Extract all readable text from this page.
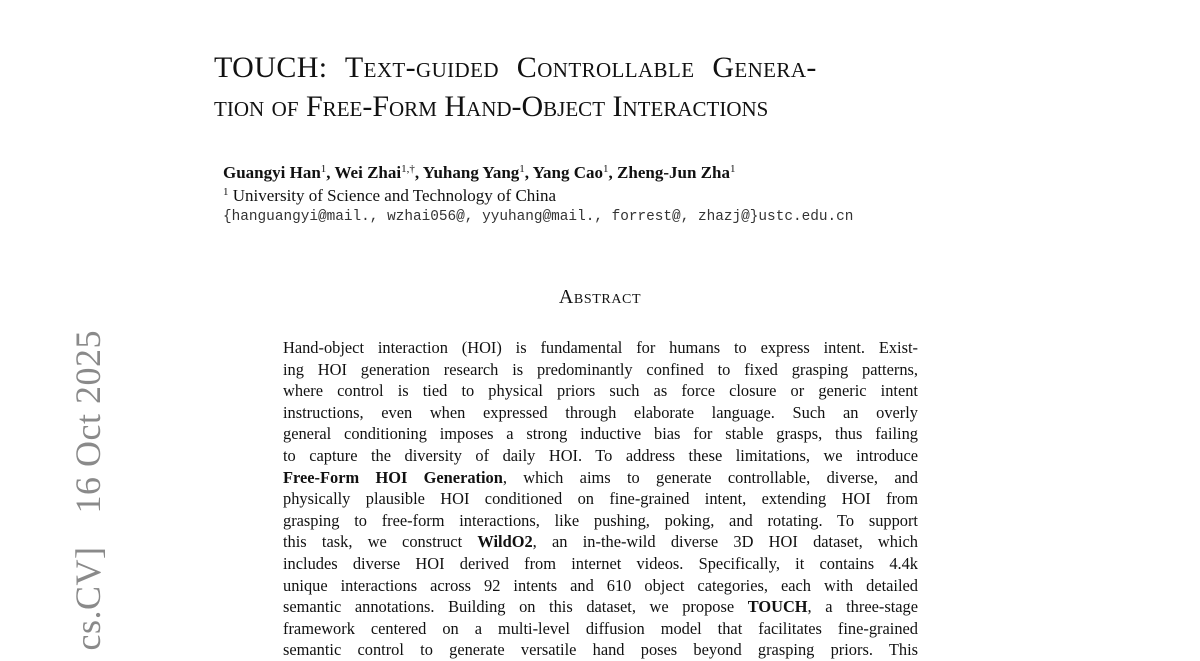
cs.CV]  16 Oct 2025
TOUCH: Text-guided Controllable Genera-
tion of Free-Form Hand-Object Interactions
Guangyi Han$^1$, Wei Zhai$^{1,\dagger}$, Yuhang Yang$^1$, Yang Cao$^1$, Zheng-Jun Zha$^1$
$^1$ University of Science and Technology of China
{hanguangyi@mail., wzhai056@, yyuhang@mail., forrest@, zhazj@}ustc.edu.cn
Abstract
Hand-object interaction (HOI) is fundamental for humans to express intent. Exist-
ing HOI generation research is predominantly confined to fixed grasping patterns,
where control is tied to physical priors such as force closure or generic intent
instructions, even when expressed through elaborate language. Such an overly
general conditioning imposes a strong inductive bias for stable grasps, thus failing
to capture the diversity of daily HOI. To address these limitations, we introduce
Free-Form HOI Generation, which aims to generate controllable, diverse, and
physically plausible HOI conditioned on fine-grained intent, extending HOI from
grasping to free-form interactions, like pushing, poking, and rotating. To support
this task, we construct WildO2, an in-the-wild diverse 3D HOI dataset, which
includes diverse HOI derived from internet videos. Specifically, it contains 4.4k
unique interactions across 92 intents and 610 object categories, each with detailed
semantic annotations. Building on this dataset, we propose TOUCH, a three-stage
framework centered on a multi-level diffusion model that facilitates fine-grained
semantic control to generate versatile hand poses beyond grasping priors. This
